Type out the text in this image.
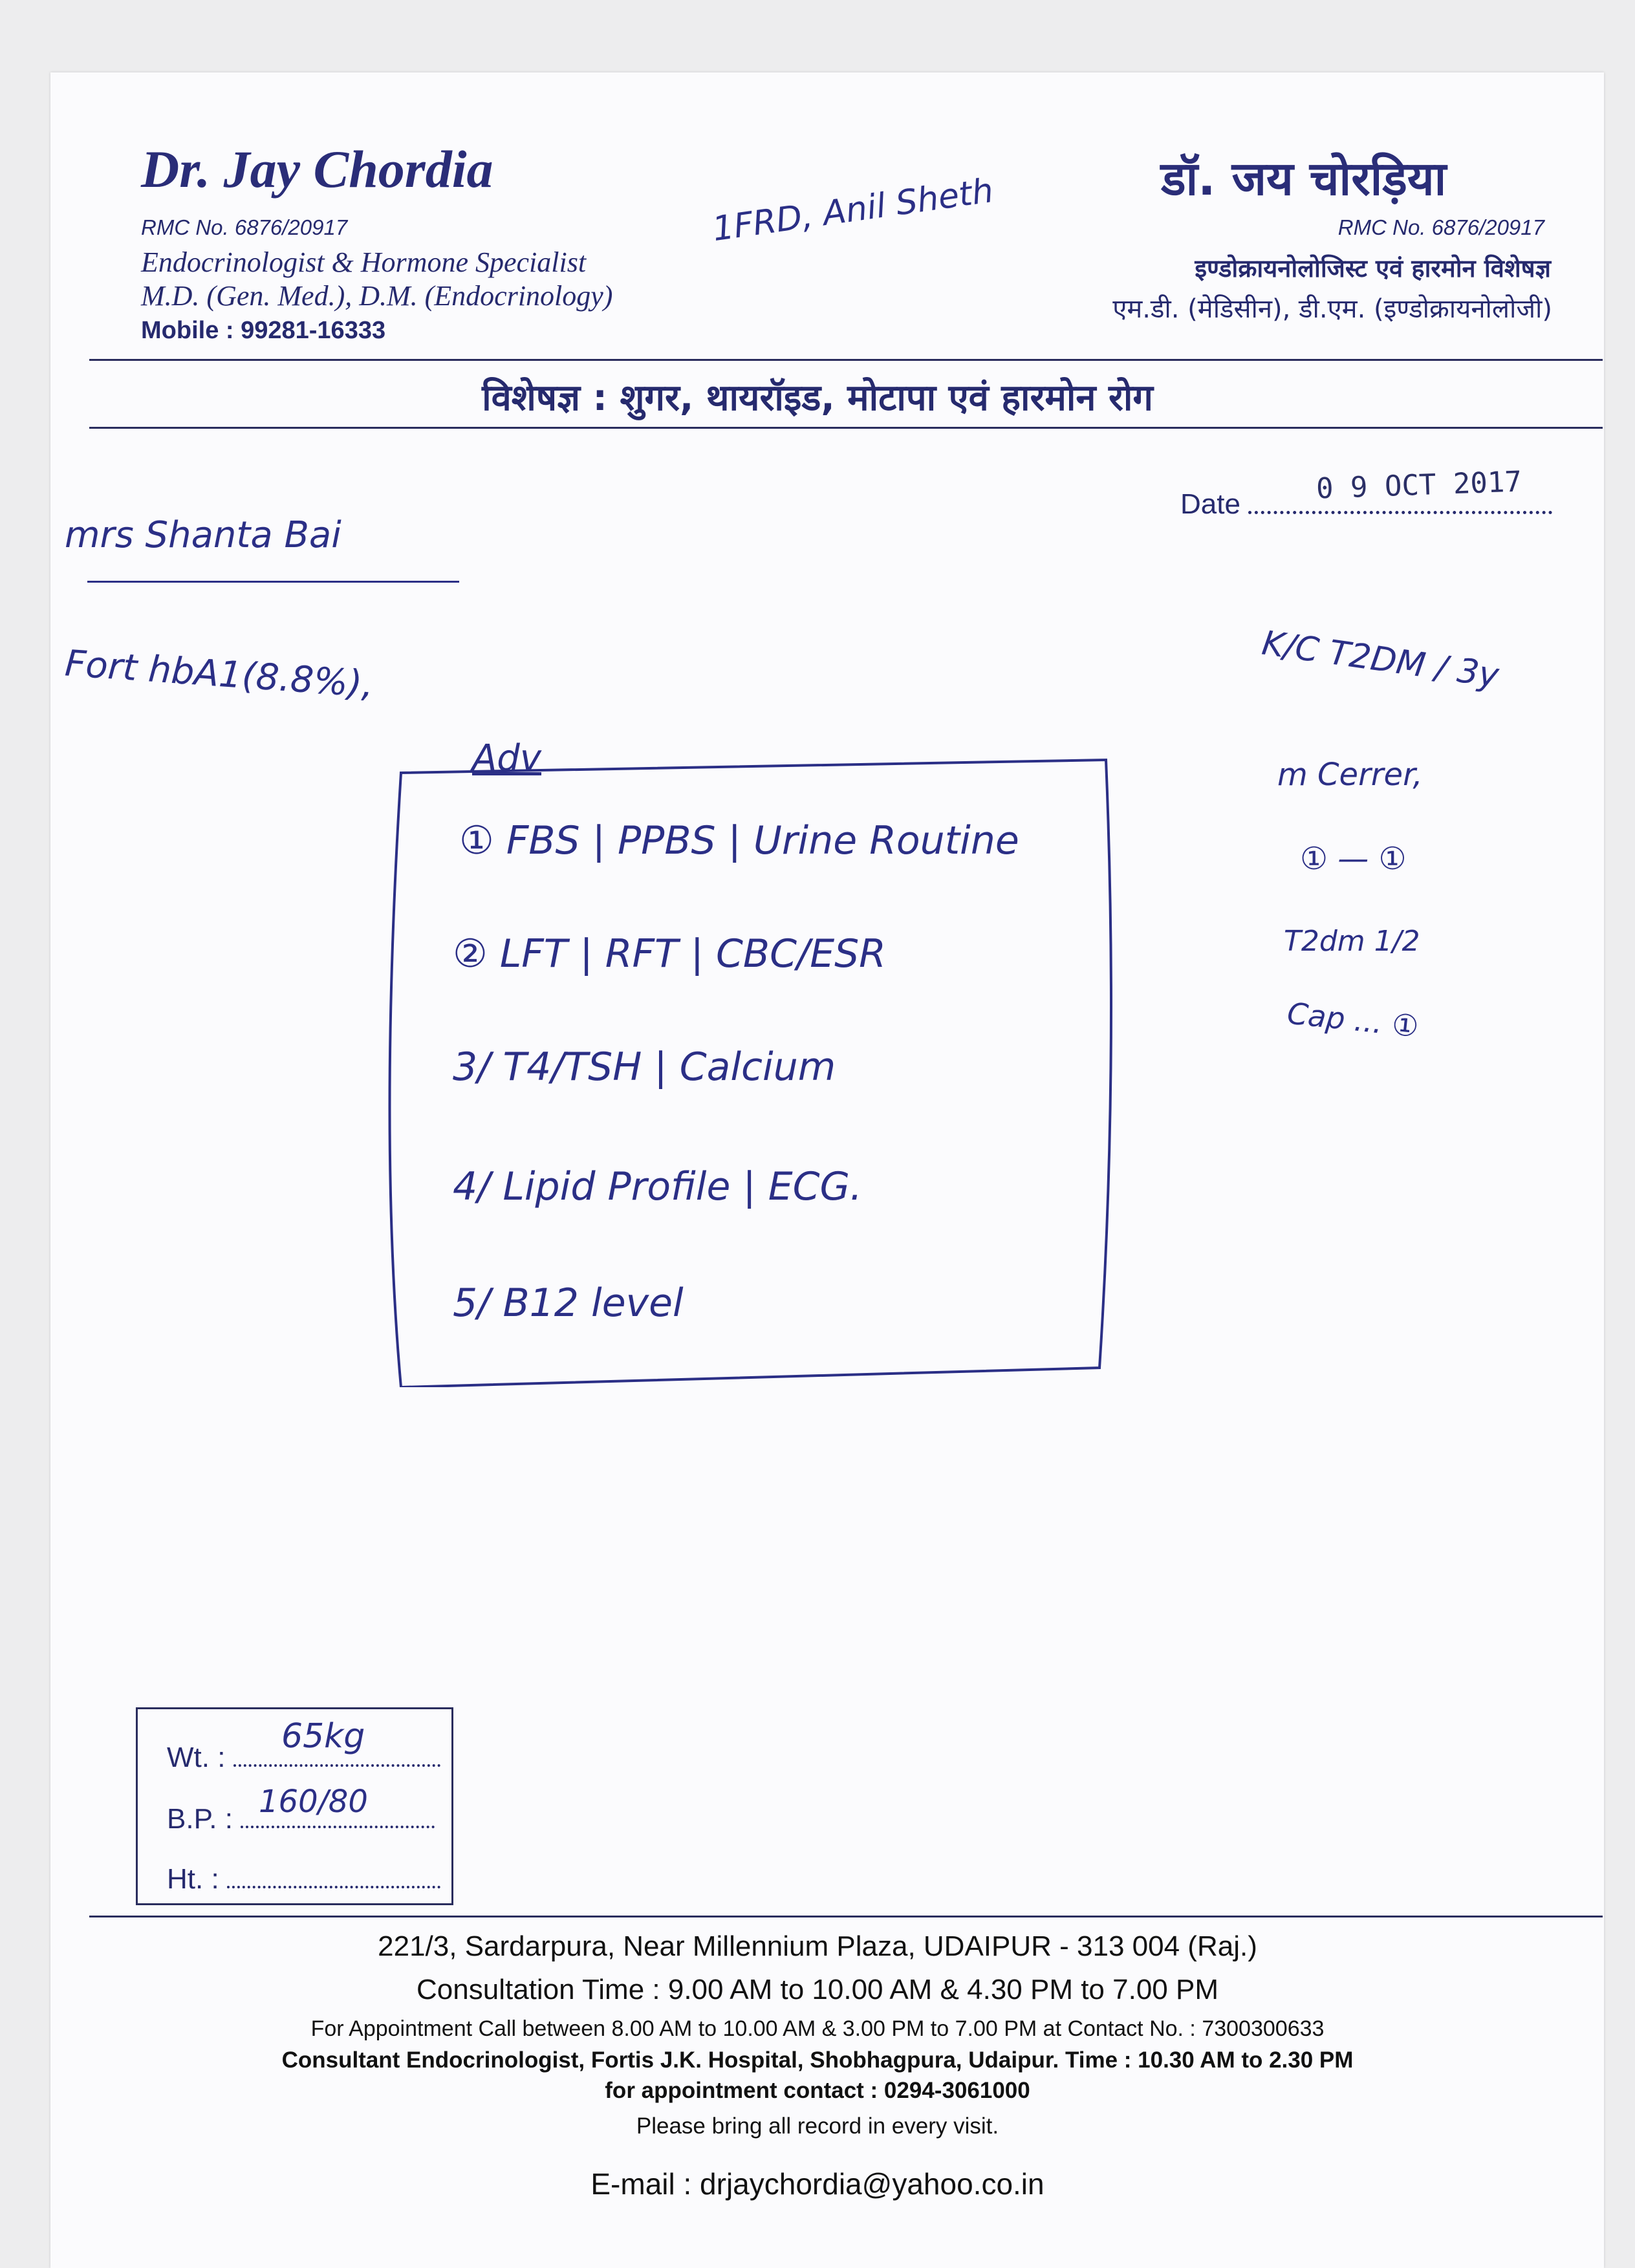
Dr. Jay Chordia	डॉ. जय चोरड़िया
RMC No. 6876/20917
Endocrinologist & Hormone Specialist
M.D. (Gen. Med.), D.M. (Endocrinology)
Mobile : 99281-16333
RMC No. 6876/20917
इण्डोक्रायनोलोजिस्ट एवं हारमोन विशेषज्ञ
एम.डी. (मेडिसीन), डी.एम. (इण्डोक्रायनोलोजी)
1FRD, Anil Sheth
विशेषज्ञ : शुगर, थायरॉइड, मोटापा एवं हारमोन रोग
Date	0 9 OCT 2017
mrs Shanta Bai
Fort hbA1(8.8%),
Adv
① FBS | PPBS | Urine Routine
② LFT | RFT | CBC/ESR
3/ T4/TSH | Calcium
4/ Lipid Profile | ECG.
5/ B12 level
K/C T2DM / 3y
m Cerrer,
① — ①
T2dm 1/2
Cap ... ①
Wt. :
B.P. :
Ht. :
65kg
160/80
221/3, Sardarpura, Near Millennium Plaza, UDAIPUR - 313 004 (Raj.)
Consultation Time : 9.00 AM to 10.00 AM & 4.30 PM to 7.00 PM
For Appointment Call between 8.00 AM to 10.00 AM & 3.00 PM to 7.00 PM at Contact No. : 7300300633
Consultant Endocrinologist, Fortis J.K. Hospital, Shobhagpura, Udaipur. Time : 10.30 AM to 2.30 PM
for appointment contact : 0294-3061000
Please bring all record in every visit.
E-mail : drjaychordia@yahoo.co.in
